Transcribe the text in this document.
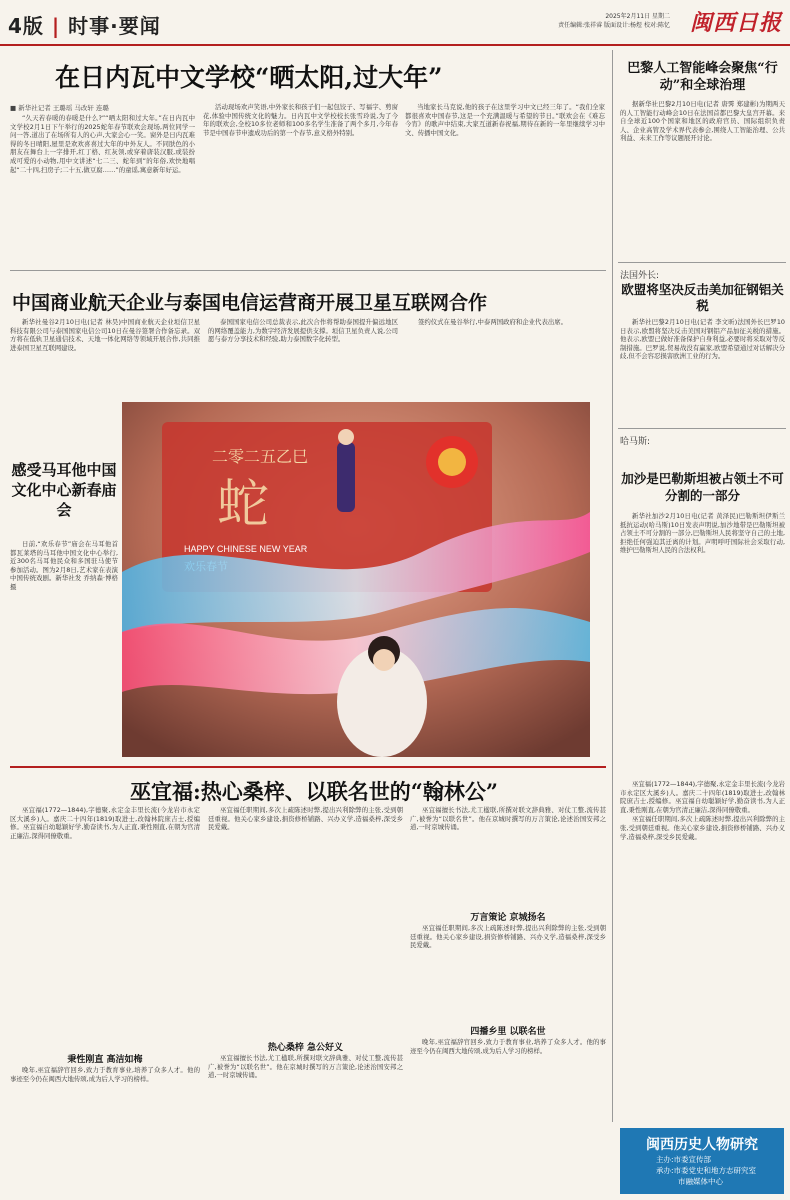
4版 | 时事·要闻	2025年2月11日 星期二
责任编辑:张祥睿 版面设计:杨煜 校对:陈忆 闽西日报
在日内瓦中文学校“晒太阳,过大年”
■ 新华社记者 王璐瑶 马改轩 连璐

“久天若春暖的春暖是什么?”“晒太阳和过大年。”在日内瓦中文学校2月1日下午举行的2025蛇年春节联欢会现场,两位同学一问一答,道出了在场所有人的心声,大家会心一笑。窗外是日内瓦难得的冬日晴阳,屋里是欢欢喜喜过大年的中外友人。不同肤色的小朋友在舞台上一字排开,红丁格、红灰领,或穿着唐装汉服,或装扮成可爱的小动物,用中文讲述“七二三、蛇年到”的年俗,欢快地唱起“二十四,扫房子;二十五,做豆腐……”的童谣,寓意新年好运。

活动现场欢声笑语,中外家长和孩子们一起包饺子、写福字、剪窗花,体验中国传统文化的魅力。日内瓦中文学校校长张雪玲说,为了今年的联欢会,全校10多位老师和100多名学生准备了两个多月,今年春节是中国春节申遗成功后的第一个春节,意义格外特别。

当地家长马克说,他的孩子在这里学习中文已经三年了。“我们全家都很喜欢中国春节,这是一个充满温暖与希望的节日。”联欢会在《难忘今宵》的歌声中结束,大家互道新春祝福,期待在新的一年里继续学习中文、传播中国文化。

巴黎人工智能峰会聚焦“行动”和全球治理

据新华社巴黎2月10日电(记者 唐霁 郑建彬)为期两天的人工智能行动峰会10日在法国首都巴黎大皇宫开幕。来自全球近100个国家和地区的政府官员、国际组织负责人、企业高管及学术界代表参会,围绕人工智能治理、公共利益、未来工作等议题展开讨论。

中国商业航天企业与泰国电信运营商开展卫星互联网合作

新华社曼谷2月10日电(记者 林昊)中国商业航天企业垣信卫星科技有限公司与泰国国家电信公司10日在曼谷签署合作备忘录。双方将在低轨卫星通信技术、天地一体化网络等领域开展合作,共同推进泰国卫星互联网建设。

泰国国家电信公司总裁表示,此次合作将帮助泰国提升偏远地区的网络覆盖能力,为数字经济发展提供支撑。垣信卫星负责人说,公司愿与泰方分享技术和经验,助力泰国数字化转型。

签约仪式在曼谷举行,中泰两国政府和企业代表出席。

法国外长:
欧盟将坚决反击美加征钢铝关税

新华社巴黎2月10日电(记者 李文昕)法国外长巴罗10日表示,欧盟将坚决反击美国对钢铝产品加征关税的措施。他表示,欧盟已做好准备保护自身利益,必要时将采取对等反制措施。巴罗说,贸易战没有赢家,欧盟希望通过对话解决分歧,但不会容忍损害欧洲工业的行为。

感受马耳他中国文化中心新春庙会

日前,“欢乐春节”庙会在马耳他首都瓦莱塔的马耳他中国文化中心举行,近300名马耳他民众和多国驻马使节参加活动。图为2月8日,艺术家在表演中国传统戏剧。新华社发 乔纳森·博格 摄

二零二五乙巳
蛇
HAPPY CHINESE NEW YEAR
哈马斯:
加沙是巴勒斯坦被占领土不可分割的一部分

新华社加沙2月10日电(记者 黄泽民)巴勒斯坦伊斯兰抵抗运动(哈马斯)10日发表声明说,加沙地带是巴勒斯坦被占领土不可分割的一部分,巴勒斯坦人民将坚守自己的土地,拒绝任何强迫其迁离的计划。声明呼吁国际社会采取行动,维护巴勒斯坦人民的合法权利。

巫宜福:热心桑梓、以联名世的“翰林公”

巫宜福(1772—1844),字德聚,永定金丰里长流(今龙岩市永定区大溪乡)人。嘉庆二十四年(1819)取进士,改翰林院庶吉士,授编修。巫宜福自幼聪颖好学,勤奋读书,为人正直,秉性刚直,在朝为官清正廉洁,深得同僚敬重。

秉性刚直 高洁如梅

晚年,巫宜福辞官回乡,致力于教育事业,培养了众多人才。他的事迹至今仍在闽西大地传颂,成为后人学习的榜样。

巫宜福任职期间,多次上疏陈述时弊,提出兴利除弊的主张,受到朝廷重视。他关心家乡建设,捐资修桥铺路、兴办义学,造福桑梓,深受乡民爱戴。

热心桑梓 急公好义

巫宜福擅长书法,尤工楹联,所撰对联文辞典雅、对仗工整,流传甚广,被誉为“以联名世”。他在京城时撰写的万言策论,论述治国安邦之道,一时京城传诵。

巫宜福擅长书法,尤工楹联,所撰对联文辞典雅、对仗工整,流传甚广,被誉为“以联名世”。他在京城时撰写的万言策论,论述治国安邦之道,一时京城传诵。

万言策论 京城扬名

巫宜福任职期间,多次上疏陈述时弊,提出兴利除弊的主张,受到朝廷重视。他关心家乡建设,捐资修桥铺路、兴办义学,造福桑梓,深受乡民爱戴。

四播乡里 以联名世

晚年,巫宜福辞官回乡,致力于教育事业,培养了众多人才。他的事迹至今仍在闽西大地传颂,成为后人学习的榜样。

巫宜福(1772—1844),字德聚,永定金丰里长流(今龙岩市永定区大溪乡)人。嘉庆二十四年(1819)取进士,改翰林院庶吉士,授编修。巫宜福自幼聪颖好学,勤奋读书,为人正直,秉性刚直,在朝为官清正廉洁,深得同僚敬重。

巫宜福任职期间,多次上疏陈述时弊,提出兴利除弊的主张,受到朝廷重视。他关心家乡建设,捐资修桥铺路、兴办义学,造福桑梓,深受乡民爱戴。

闽西历史人物研究
主办:市委宣传部
承办:市委党史和地方志研究室
市融媒体中心
